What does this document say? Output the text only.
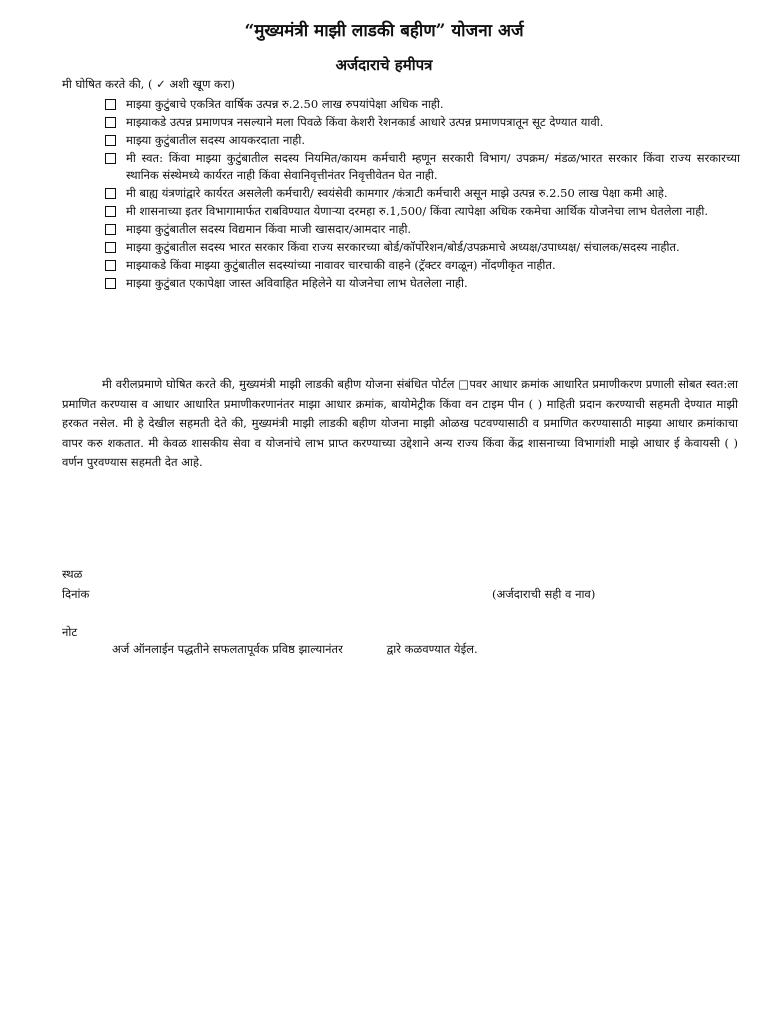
“मुख्यमंत्री माझी लाडकी बहीण” योजना अर्ज
अर्जदाराचे हमीपत्र
मी घोषित करते की, ( ✓ अशी खूण करा)
माझ्या कुटुंबाचे एकत्रित वार्षिक उत्पन्न रु.2.50 लाख रुपयांपेक्षा अधिक नाही.
माझ्याकडे उत्पन्न प्रमाणपत्र नसल्याने मला पिवळे किंवा केशरी रेशनकार्ड आधारे उत्पन्न प्रमाणपत्रातून सूट देण्यात यावी.
माझ्या कुटुंबातील सदस्य आयकरदाता नाही.
मी स्वत: किंवा माझ्या कुटुंबातील सदस्य नियमित/कायम कर्मचारी म्हणून सरकारी विभाग/ उपक्रम/ मंडळ/भारत सरकार किंवा राज्य सरकारच्या स्थानिक संस्थेमध्ये कार्यरत नाही किंवा सेवानिवृत्तीनंतर निवृत्तीवेतन घेत नाही.
मी बाह्य यंत्रणांद्वारे कार्यरत असलेली कर्मचारी/ स्वयंसेवी कामगार /कंत्राटी कर्मचारी असून माझे उत्पन्न रु.2.50 लाख पेक्षा कमी आहे.
मी शासनाच्या इतर विभागामार्फत राबविण्यात येणाऱ्या दरमहा रु.1,500/ किंवा त्यापेक्षा अधिक रकमेचा आर्थिक योजनेचा लाभ घेतलेला नाही.
माझ्या कुटुंबातील सदस्य विद्यमान किंवा माजी खासदार/आमदार नाही.
माझ्या कुटुंबातील सदस्य भारत सरकार किंवा राज्य सरकारच्या बोर्ड/कॉर्पोरेशन/बोर्ड/उपक्रमाचे अध्यक्ष/उपाध्यक्ष/ संचालक/सदस्य नाहीत.
माझ्याकडे किंवा माझ्या कुटुंबातील सदस्यांच्या नावावर चारचाकी वाहने (ट्रॅक्टर वगळून) नोंदणीकृत नाहीत.
माझ्या कुटुंबात एकापेक्षा जास्त अविवाहित महिलेने या योजनेचा लाभ घेतलेला नाही.

मी वरीलप्रमाणे घोषित करते की, मुख्यमंत्री माझी लाडकी बहीण योजना संबंधित पोर्टल □पवर आधार क्रमांक आधारित प्रमाणीकरण प्रणाली सोबत स्वत:ला प्रमाणित करण्यास व आधार आधारित प्रमाणीकरणानंतर माझा आधार क्रमांक, बायोमेट्रीक किंवा वन टाइम पीन ( ) माहिती प्रदान करण्याची सहमती देण्यात माझी हरकत नसेल. मी हे देखील सहमती देते की, मुख्यमंत्री माझी लाडकी बहीण योजना माझी ओळख पटवण्यासाठी व प्रमाणित करण्यासाठी माझ्या आधार क्रमांकाचा वापर करु शकतात. मी केवळ शासकीय सेवा व योजनांचे लाभ प्राप्त करण्याच्या उद्देशाने अन्य राज्य किंवा केंद्र शासनाच्या विभागांशी माझे आधार ई केवायसी ( ) वर्णन पुरवण्यास सहमती देत आहे.

स्थळ
दिनांक	(अर्जदाराची सही व नाव)
नोट
अर्ज ऑनलाईन पद्धतीने सफलतापूर्वक प्रविष्ठ झाल्यानंतर            द्वारे कळवण्यात येईल.
